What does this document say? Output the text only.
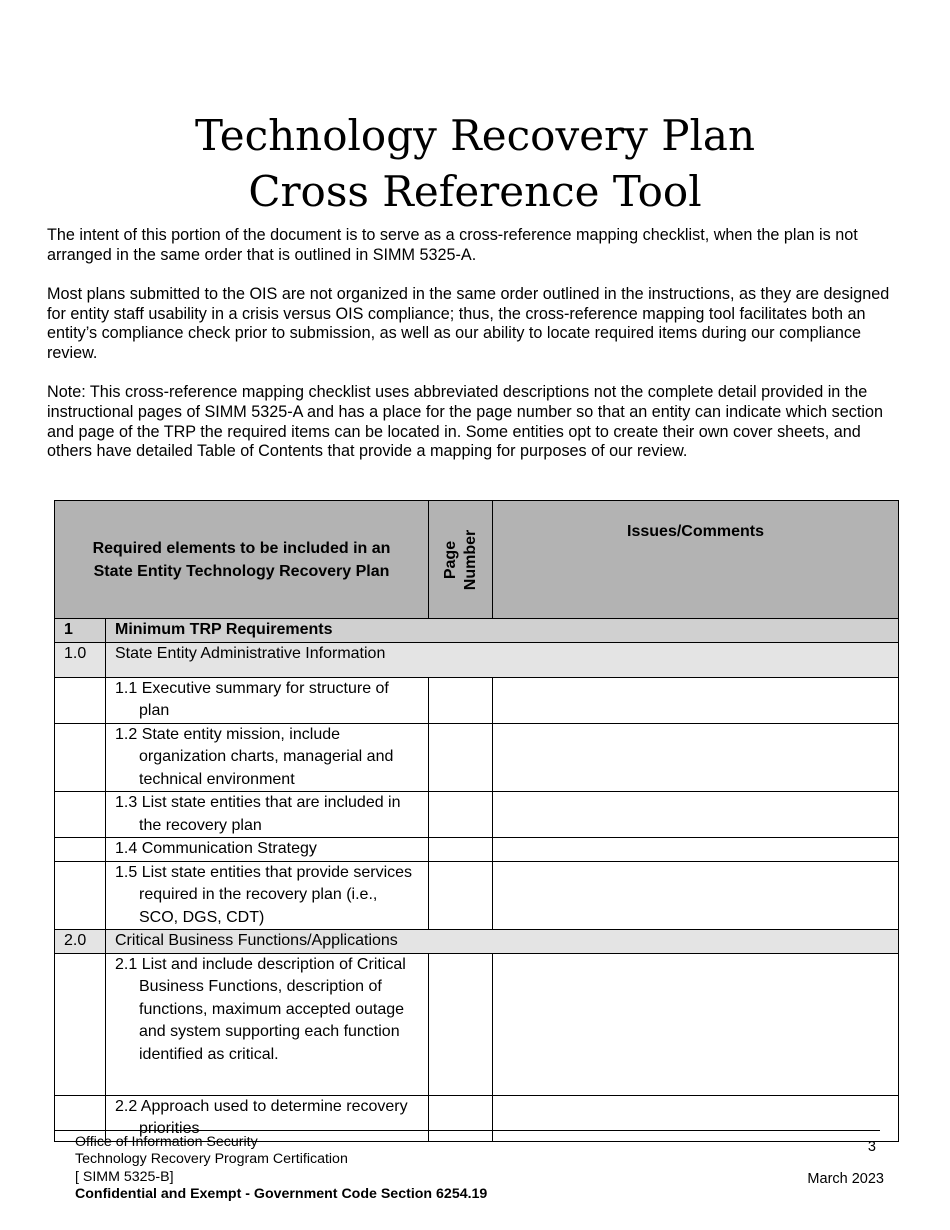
Technology Recovery Plan
Cross Reference Tool

The intent of this portion of the document is to serve as a cross-reference mapping checklist, when the plan is not arranged in the same order that is outlined in SIMM 5325-A.

Most plans submitted to the OIS are not organized in the same order outlined in the instructions, as they are designed for entity staff usability in a crisis versus OIS compliance; thus, the cross-reference mapping tool facilitates both an entity’s compliance check prior to submission, as well as our ability to locate required items during our compliance review.

Note: This cross-reference mapping checklist uses abbreviated descriptions not the complete detail provided in the instructional pages of SIMM 5325-A and has a place for the page number so that an entity can indicate which section and page of the TRP the required items can be located in. Some entities opt to create their own cover sheets, and others have detailed Table of Contents that provide a mapping for purposes of our review.

Required elements to be included in an State Entity Technology Recovery Plan		Page Number	Issues/Comments
1	Minimum TRP Requirements		
1.0	State Entity Administrative Information		

	1.1 Executive summary for structure of plan		

	1.2 State entity mission, include organization charts, managerial and technical environment		

	1.3 List state entities that are included in the recovery plan		

	1.4 Communication Strategy		

	1.5 List state entities that provide services required in the recovery plan (i.e., SCO, DGS, CDT)		

2.0	Critical Business Functions/Applications		

	2.1 List and include description of Critical Business Functions, description of functions, maximum accepted outage and system supporting each function identified as critical.		

	2.2 Approach used to determine recovery priorities		

Office of Information Security
Technology Recovery Program Certification
[ SIMM 5325-B]
Confidential and Exempt - Government Code Section 6254.19
3
March 2023
